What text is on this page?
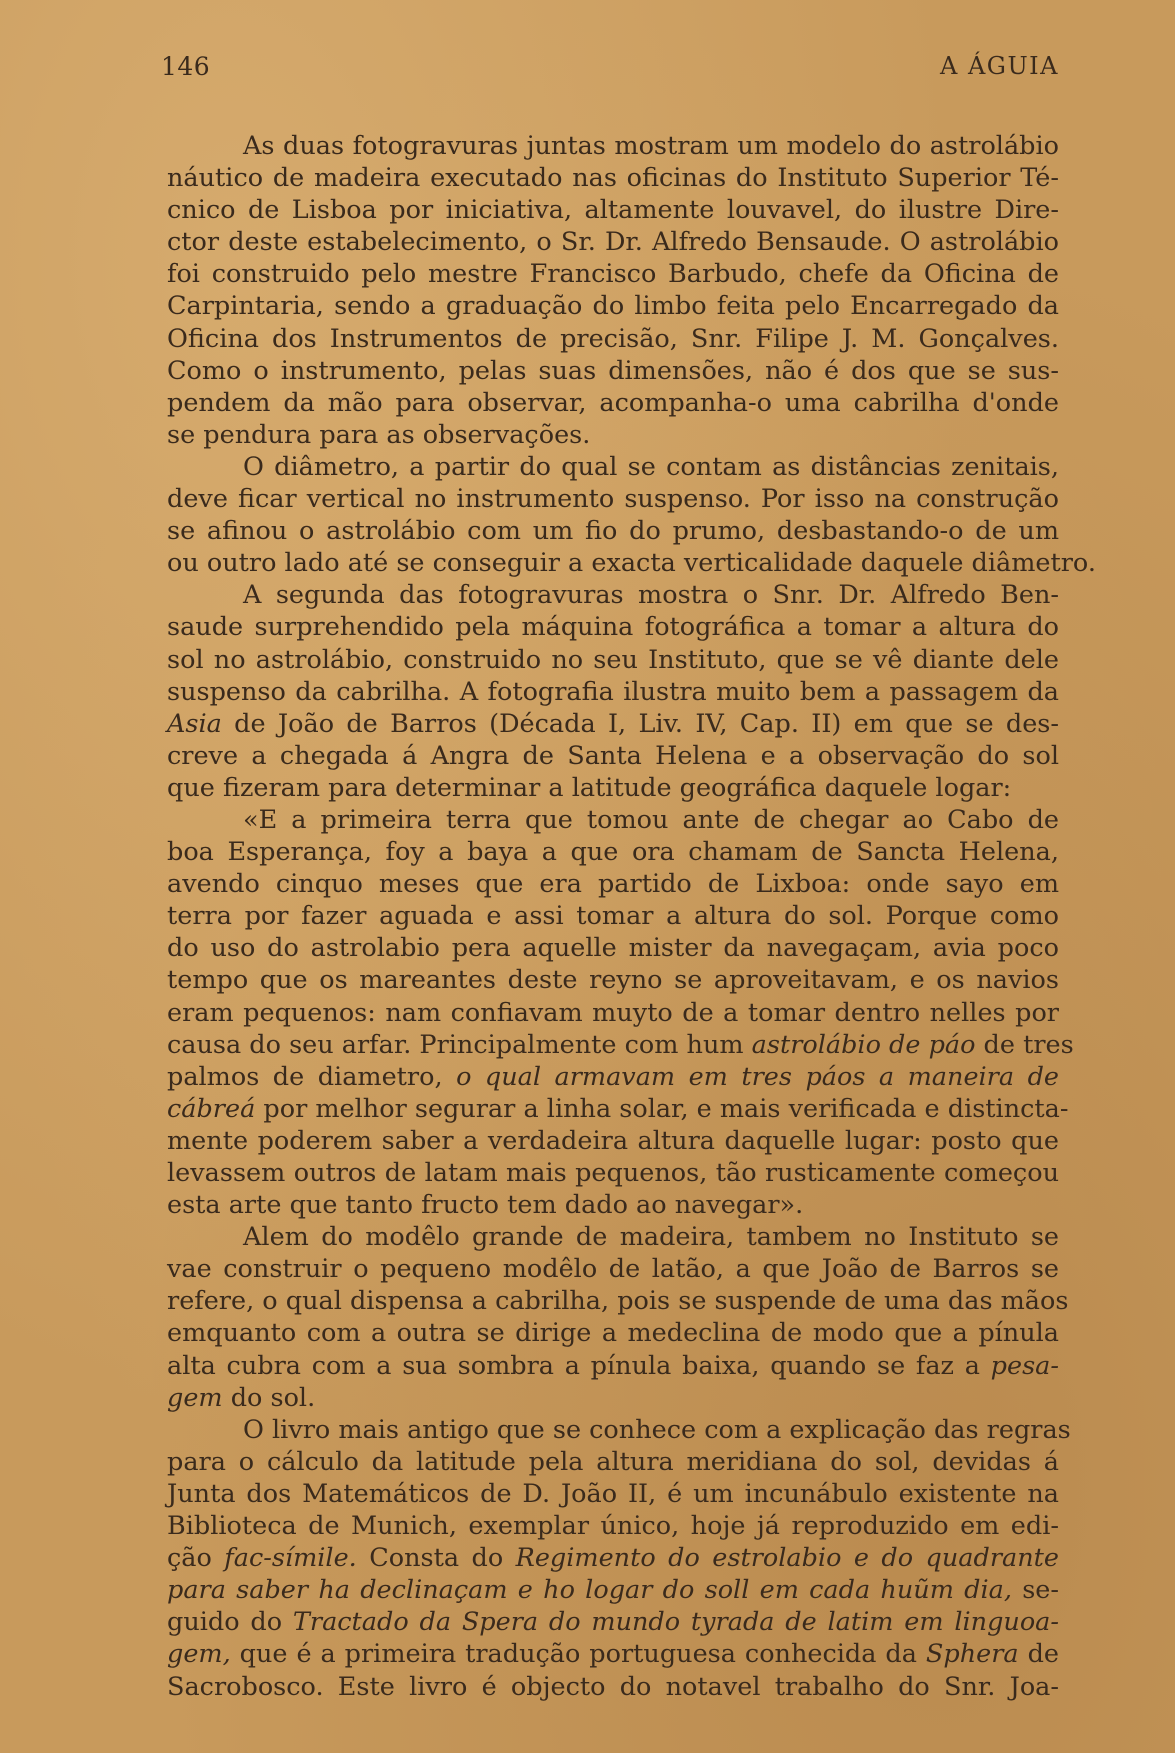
146	A ÁGUIA
As duas fotogravuras juntas mostram um modelo do astrolábio
náutico de madeira executado nas oficinas do Instituto Superior Té-
cnico de Lisboa por iniciativa, altamente louvavel, do ilustre Dire-
ctor deste estabelecimento, o Sr. Dr. Alfredo Bensaude. O astrolábio
foi construido pelo mestre Francisco Barbudo, chefe da Oficina de
Carpintaria, sendo a graduação do limbo feita pelo Encarregado da
Oficina dos Instrumentos de precisão, Snr. Filipe J. M. Gonçalves.
Como o instrumento, pelas suas dimensões, não é dos que se sus-
pendem da mão para observar, acompanha-o uma cabrilha d'onde
se pendura para as observações.
O diâmetro, a partir do qual se contam as distâncias zenitais,
deve ficar vertical no instrumento suspenso. Por isso na construção
se afinou o astrolábio com um fio do prumo, desbastando-o de um
ou outro lado até se conseguir a exacta verticalidade daquele diâmetro.
A segunda das fotogravuras mostra o Snr. Dr. Alfredo Ben-
saude surprehendido pela máquina fotográfica a tomar a altura do
sol no astrolábio, construido no seu Instituto, que se vê diante dele
suspenso da cabrilha. A fotografia ilustra muito bem a passagem da
Asia de João de Barros (Década I, Liv. IV, Cap. II) em que se des-
creve a chegada á Angra de Santa Helena e a observação do sol
que fizeram para determinar a latitude geográfica daquele logar:
«E a primeira terra que tomou ante de chegar ao Cabo de
boa Esperança, foy a baya a que ora chamam de Sancta Helena,
avendo cinquo meses que era partido de Lixboa: onde sayo em
terra por fazer aguada e assi tomar a altura do sol. Porque como
do uso do astrolabio pera aquelle mister da navegaçam, avia poco
tempo que os mareantes deste reyno se aproveitavam, e os navios
eram pequenos: nam confiavam muyto de a tomar dentro nelles por
causa do seu arfar. Principalmente com hum astrolábio de páo de tres
palmos de diametro, o qual armavam em tres páos a maneira de
cábreá por melhor segurar a linha solar, e mais verificada e distincta-
mente poderem saber a verdadeira altura daquelle lugar: posto que
levassem outros de latam mais pequenos, tão rusticamente começou
esta arte que tanto fructo tem dado ao navegar».
Alem do modêlo grande de madeira, tambem no Instituto se
vae construir o pequeno modêlo de latão, a que João de Barros se
refere, o qual dispensa a cabrilha, pois se suspende de uma das mãos
emquanto com a outra se dirige a medeclina de modo que a pínula
alta cubra com a sua sombra a pínula baixa, quando se faz a pesa-
gem do sol.
O livro mais antigo que se conhece com a explicação das regras
para o cálculo da latitude pela altura meridiana do sol, devidas á
Junta dos Matemáticos de D. João II, é um incunábulo existente na
Biblioteca de Munich, exemplar único, hoje já reproduzido em edi-
ção fac-símile. Consta do Regimento do estrolabio e do quadrante
para saber ha declinaçam e ho logar do soll em cada huũm dia, se-
guido do Tractado da Spera do mundo tyrada de latim em linguoa-
gem, que é a primeira tradução portuguesa conhecida da Sphera de
Sacrobosco. Este livro é objecto do notavel trabalho do Snr. Joa-
